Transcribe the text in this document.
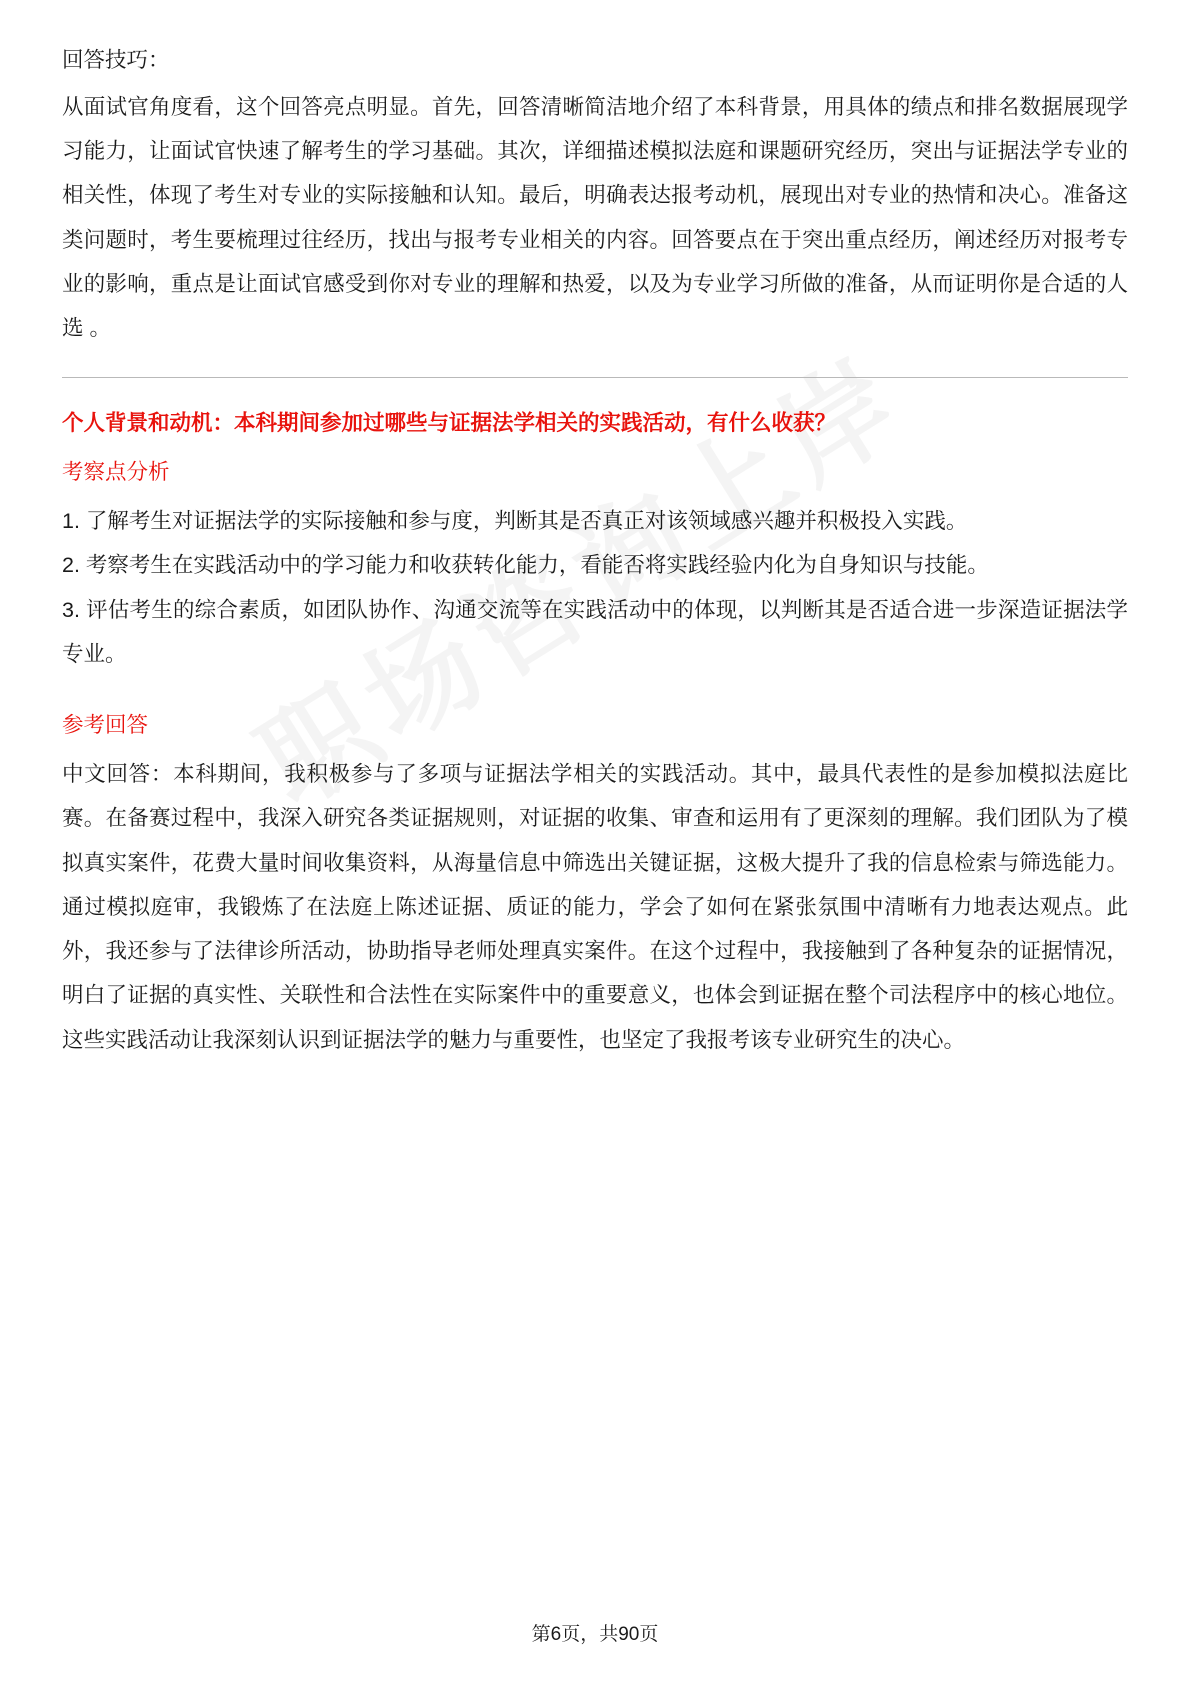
回答技巧：

从面试官角度看，这个回答亮点明显。首先，回答清晰简洁地介绍了本科背景，用具体的绩点和排名数据展现学习能力，让面试官快速了解考生的学习基础。其次，详细描述模拟法庭和课题研究经历，突出与证据法学专业的相关性，体现了考生对专业的实际接触和认知。最后，明确表达报考动机，展现出对专业的热情和决心。准备这类问题时，考生要梳理过往经历，找出与报考专业相关的内容。回答要点在于突出重点经历，阐述经历对报考专业的影响，重点是让面试官感受到你对专业的理解和热爱，以及为专业学习所做的准备，从而证明你是合适的人选 。

个人背景和动机：本科期间参加过哪些与证据法学相关的实践活动，有什么收获？

考察点分析

1. 了解考生对证据法学的实际接触和参与度，判断其是否真正对该领域感兴趣并积极投入实践。

2. 考察考生在实践活动中的学习能力和收获转化能力，看能否将实践经验内化为自身知识与技能。

3. 评估考生的综合素质，如团队协作、沟通交流等在实践活动中的体现，以判断其是否适合进一步深造证据法学专业。

参考回答

中文回答：本科期间，我积极参与了多项与证据法学相关的实践活动。其中，最具代表性的是参加模拟法庭比赛。在备赛过程中，我深入研究各类证据规则，对证据的收集、审查和运用有了更深刻的理解。我们团队为了模拟真实案件，花费大量时间收集资料，从海量信息中筛选出关键证据，这极大提升了我的信息检索与筛选能力。通过模拟庭审，我锻炼了在法庭上陈述证据、质证的能力，学会了如何在紧张氛围中清晰有力地表达观点。此外，我还参与了法律诊所活动，协助指导老师处理真实案件。在这个过程中，我接触到了各种复杂的证据情况，明白了证据的真实性、关联性和合法性在实际案件中的重要意义，也体会到证据在整个司法程序中的核心地位。这些实践活动让我深刻认识到证据法学的魅力与重要性，也坚定了我报考该专业研究生的决心。

第6页，共90页
